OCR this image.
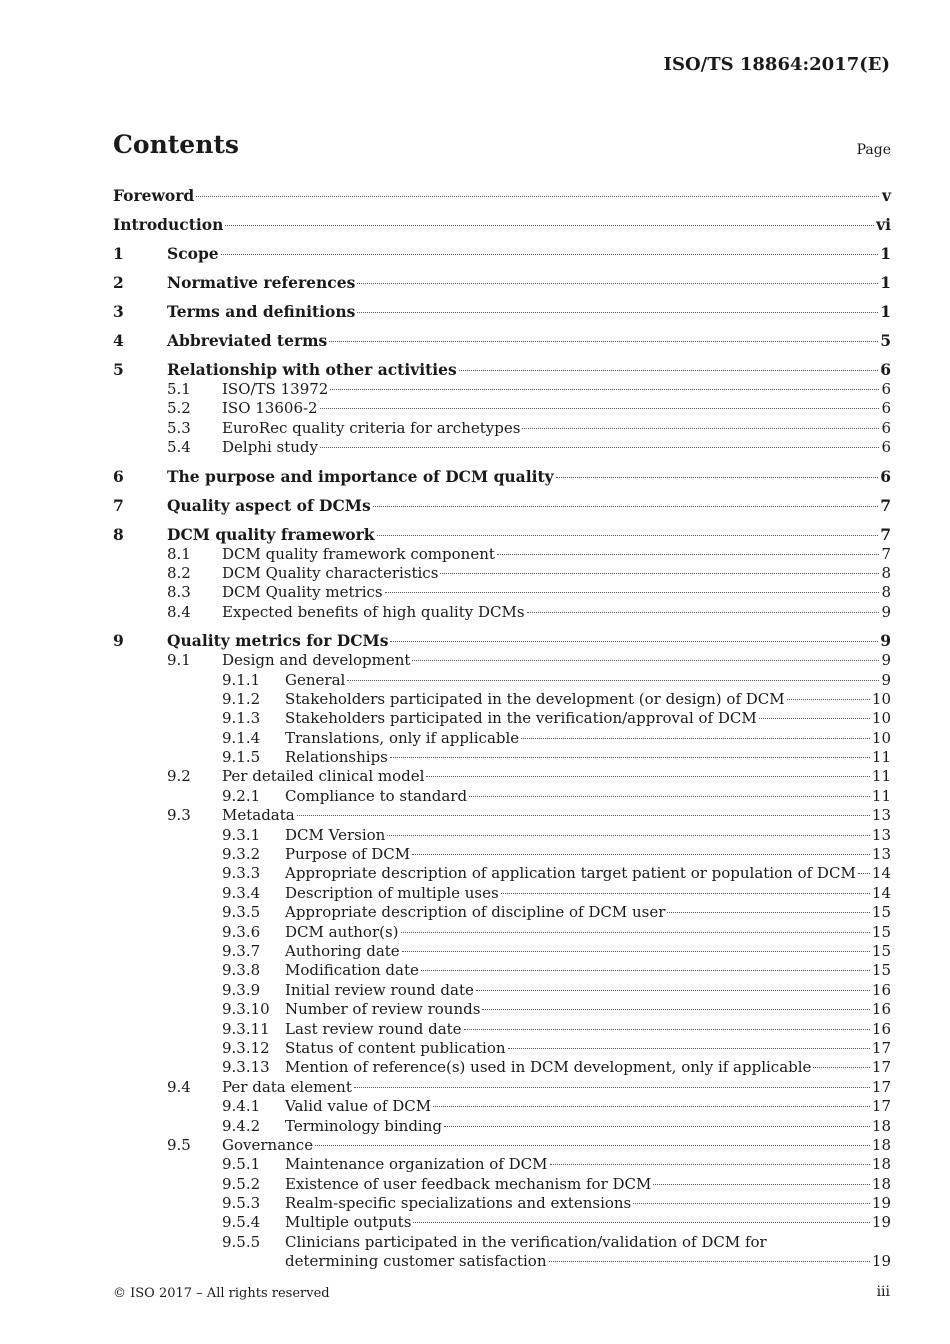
ISO/TS 18864:2017(E)
Contents	Page
Foreword	v
Introduction	vi
1	Scope	1
2	Normative references	1
3	Terms and definitions	1
4	Abbreviated terms	5
5	Relationship with other activities	6
5.1	ISO/TS 13972	6
5.2	ISO 13606-2	6
5.3	EuroRec quality criteria for archetypes	6
5.4	Delphi study	6
6	The purpose and importance of DCM quality	6
7	Quality aspect of DCMs	7
8	DCM quality framework	7
8.1	DCM quality framework component	7
8.2	DCM Quality characteristics	8
8.3	DCM Quality metrics	8
8.4	Expected benefits of high quality DCMs	9
9	Quality metrics for DCMs	9
9.1	Design and development	9
9.1.1	General	9
9.1.2	Stakeholders participated in the development (or design) of DCM	10
9.1.3	Stakeholders participated in the verification/approval of DCM	10
9.1.4	Translations, only if applicable	10
9.1.5	Relationships	11
9.2	Per detailed clinical model	11
9.2.1	Compliance to standard	11
9.3	Metadata	13
9.3.1	DCM Version	13
9.3.2	Purpose of DCM	13
9.3.3	Appropriate description of application target patient or population of DCM 14
9.3.4	Description of multiple uses	14
9.3.5	Appropriate description of discipline of DCM user	15
9.3.6	DCM author(s)	15
9.3.7	Authoring date	15
9.3.8	Modification date	15
9.3.9	Initial review round date	16
9.3.10	Number of review rounds	16
9.3.11	Last review round date	16
9.3.12	Status of content publication	17
9.3.13	Mention of reference(s) used in DCM development, only if applicable	17
9.4	Per data element	17
9.4.1	Valid value of DCM	17
9.4.2	Terminology binding	18
9.5	Governance	18
9.5.1	Maintenance organization of DCM	18
9.5.2	Existence of user feedback mechanism for DCM	18
9.5.3	Realm-specific specializations and extensions	19
9.5.4	Multiple outputs	19
9.5.5	Clinicians participated in the verification/validation of DCM for
determining customer satisfaction	19
© ISO 2017 – All rights reserved	iii
